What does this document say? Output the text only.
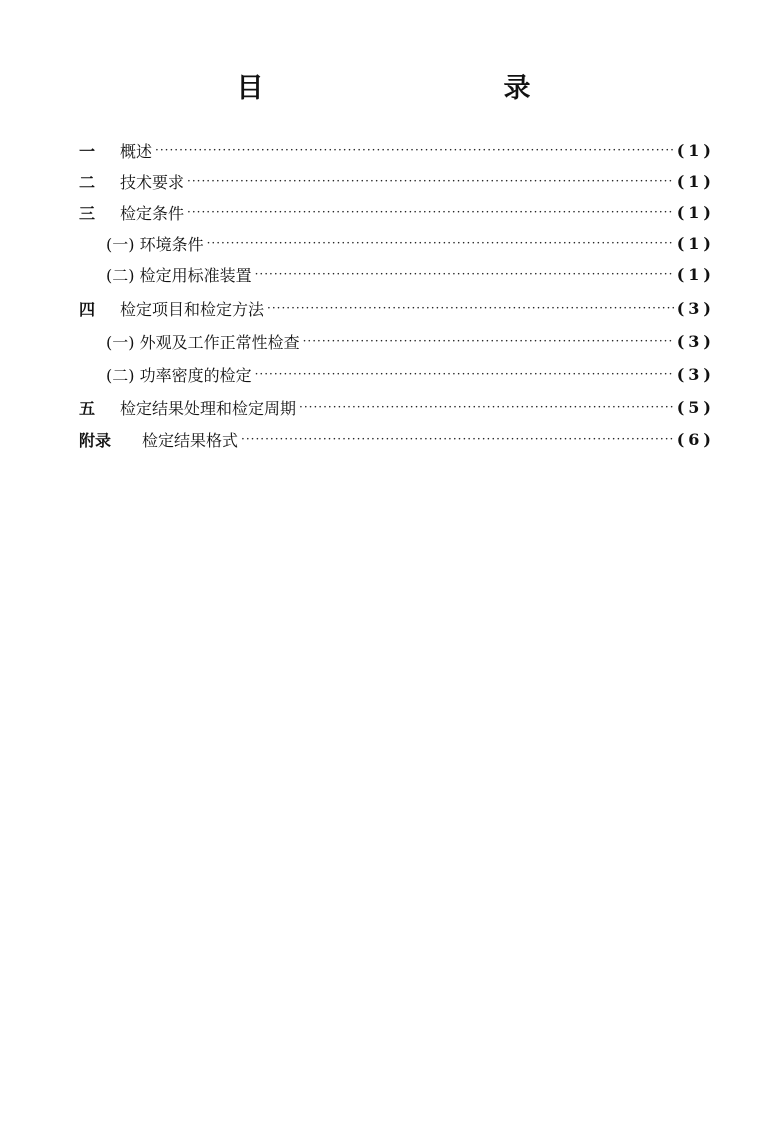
目　　录
一 概述 ·····	(1)
二 技术要求 ·····	(1)
三 检定条件 ·····	(1)
(一) 环境条件 ·····	(1)
(二) 检定用标准装置 ·····	(1)
四 检定项目和检定方法 ·····	(3)
(一) 外观及工作正常性检查 ·····	(3)
(二) 功率密度的检定 ·····	(3)
五 检定结果处理和检定周期 ·····	(5)
附录 检定结果格式 ·····	(6)
